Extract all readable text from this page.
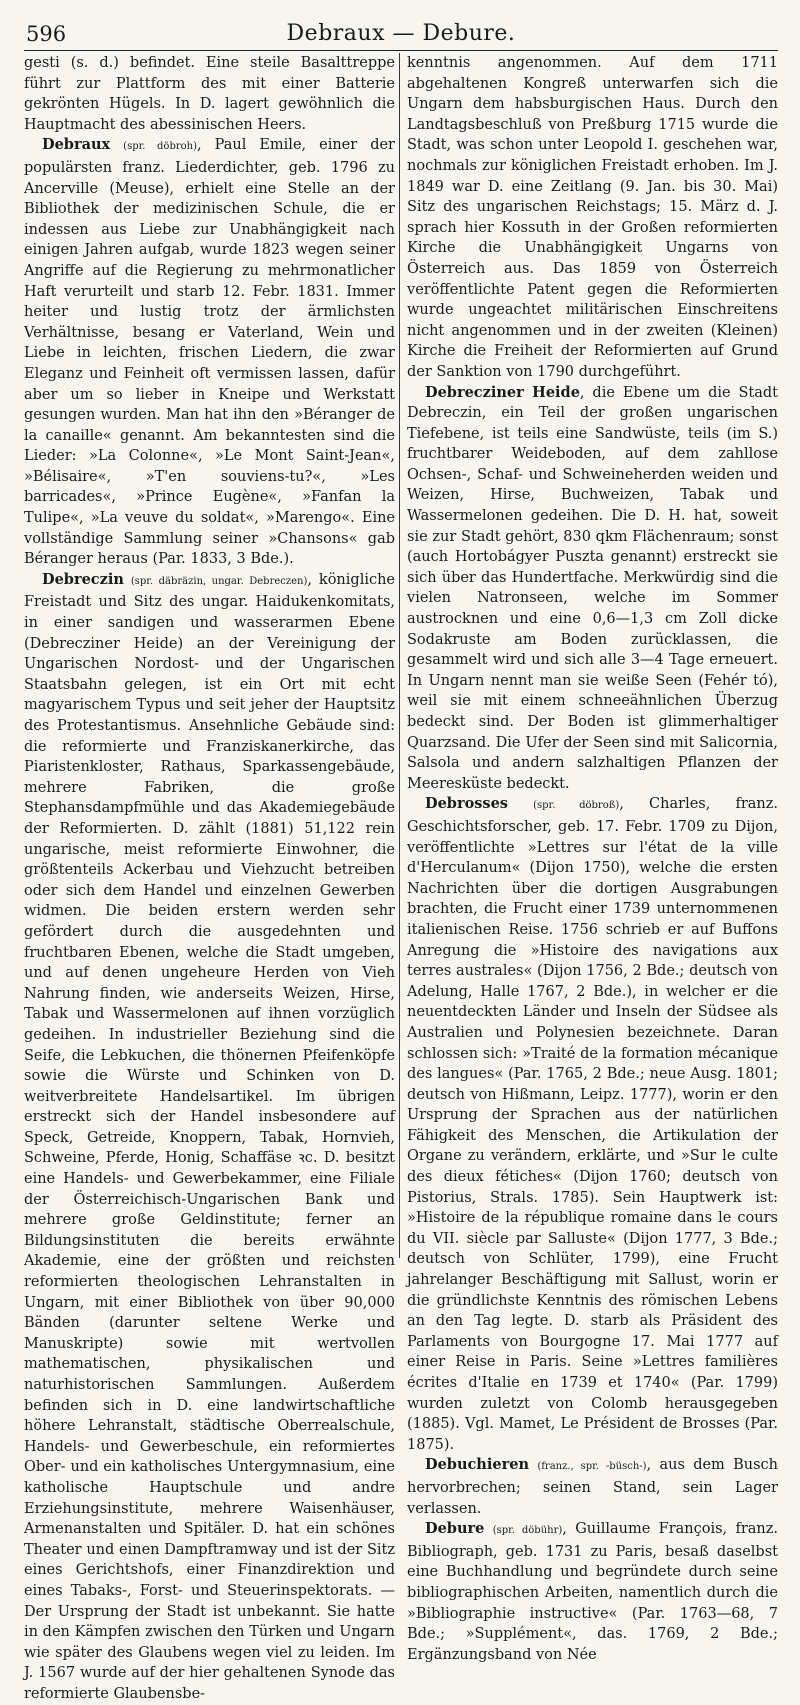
596	Debraux — Debure.

gesti (s. d.) befindet. Eine steile Basalttreppe führt zur Plattform des mit einer Batterie gekrönten Hügels. In D. lagert gewöhnlich die Hauptmacht des abessinischen Heers.

Debraux (spr. döbroh), Paul Emile, einer der populärsten franz. Liederdichter, geb. 1796 zu Ancerville (Meuse), erhielt eine Stelle an der Bibliothek der medizinischen Schule, die er indessen aus Liebe zur Unabhängigkeit nach einigen Jahren aufgab, wurde 1823 wegen seiner Angriffe auf die Regierung zu mehrmonatlicher Haft verurteilt und starb 12. Febr. 1831. Immer heiter und lustig trotz der ärmlichsten Verhältnisse, besang er Vaterland, Wein und Liebe in leichten, frischen Liedern, die zwar Eleganz und Feinheit oft vermissen lassen, dafür aber um so lieber in Kneipe und Werkstatt gesungen wurden. Man hat ihn den »Béranger de la canaille« genannt. Am bekanntesten sind die Lieder: »La Colonne«, »Le Mont Saint-Jean«, »Bélisaire«, »T'en souviens-tu?«, »Les barricades«, »Prince Eugène«, »Fanfan la Tulipe«, »La veuve du soldat«, »Marengo«. Eine vollständige Sammlung seiner »Chansons« gab Béranger heraus (Par. 1833, 3 Bde.).

Debreczin (spr. däbräzin, ungar. Debreczen), königliche Freistadt und Sitz des ungar. Haidukenkomitats, in einer sandigen und wasserarmen Ebene (Debrecziner Heide) an der Vereinigung der Ungarischen Nordost- und der Ungarischen Staatsbahn gelegen, ist ein Ort mit echt magyarischem Typus und seit jeher der Hauptsitz des Protestantismus. Ansehnliche Gebäude sind: die reformierte und Franziskanerkirche, das Piaristenkloster, Rathaus, Sparkassengebäude, mehrere Fabriken, die große Stephansdampfmühle und das Akademiegebäude der Reformierten. D. zählt (1881) 51,122 rein ungarische, meist reformierte Einwohner, die größtenteils Ackerbau und Viehzucht betreiben oder sich dem Handel und einzelnen Gewerben widmen. Die beiden erstern werden sehr gefördert durch die ausgedehnten und fruchtbaren Ebenen, welche die Stadt umgeben, und auf denen ungeheure Herden von Vieh Nahrung finden, wie anderseits Weizen, Hirse, Tabak und Wassermelonen auf ihnen vorzüglich gedeihen. In industrieller Beziehung sind die Seife, die Lebkuchen, die thönernen Pfeifenköpfe sowie die Würste und Schinken von D. weitverbreitete Handelsartikel. Im übrigen erstreckt sich der Handel insbesondere auf Speck, Getreide, Knoppern, Tabak, Hornvieh, Schweine, Pferde, Honig, Schaffäse ꝛc. D. besitzt eine Handels- und Gewerbekammer, eine Filiale der Österreichisch-Ungarischen Bank und mehrere große Geldinstitute; ferner an Bildungsinstituten die bereits erwähnte Akademie, eine der größten und reichsten reformierten theologischen Lehranstalten in Ungarn, mit einer Bibliothek von über 90,000 Bänden (darunter seltene Werke und Manuskripte) sowie mit wertvollen mathematischen, physikalischen und naturhistorischen Sammlungen. Außerdem befinden sich in D. eine landwirtschaftliche höhere Lehranstalt, städtische Oberrealschule, Handels- und Gewerbeschule, ein reformiertes Ober- und ein katholisches Untergymnasium, eine katholische Hauptschule und andre Erziehungsinstitute, mehrere Waisenhäuser, Armenanstalten und Spitäler. D. hat ein schönes Theater und einen Dampftramway und ist der Sitz eines Gerichtshofs, einer Finanzdirektion und eines Tabaks-, Forst- und Steuerinspektorats. — Der Ursprung der Stadt ist unbekannt. Sie hatte in den Kämpfen zwischen den Türken und Ungarn wie später des Glaubens wegen viel zu leiden. Im J. 1567 wurde auf der hier gehaltenen Synode das reformierte Glaubensbe-

kenntnis angenommen. Auf dem 1711 abgehaltenen Kongreß unterwarfen sich die Ungarn dem habsburgischen Haus. Durch den Landtagsbeschluß von Preßburg 1715 wurde die Stadt, was schon unter Leopold I. geschehen war, nochmals zur königlichen Freistadt erhoben. Im J. 1849 war D. eine Zeitlang (9. Jan. bis 30. Mai) Sitz des ungarischen Reichstags; 15. März d. J. sprach hier Kossuth in der Großen reformierten Kirche die Unabhängigkeit Ungarns von Österreich aus. Das 1859 von Österreich veröffentlichte Patent gegen die Reformierten wurde ungeachtet militärischen Einschreitens nicht angenommen und in der zweiten (Kleinen) Kirche die Freiheit der Reformierten auf Grund der Sanktion von 1790 durchgeführt.

Debrecziner Heide, die Ebene um die Stadt Debreczin, ein Teil der großen ungarischen Tiefebene, ist teils eine Sandwüste, teils (im S.) fruchtbarer Weideboden, auf dem zahllose Ochsen-, Schaf- und Schweineherden weiden und Weizen, Hirse, Buchweizen, Tabak und Wassermelonen gedeihen. Die D. H. hat, soweit sie zur Stadt gehört, 830 qkm Flächenraum; sonst (auch Hortobágyer Puszta genannt) erstreckt sie sich über das Hundertfache. Merkwürdig sind die vielen Natronseen, welche im Sommer austrocknen und eine 0,6—1,3 cm Zoll dicke Sodakruste am Boden zurücklassen, die gesammelt wird und sich alle 3—4 Tage erneuert. In Ungarn nennt man sie weiße Seen (Fehér tó), weil sie mit einem schneeähnlichen Überzug bedeckt sind. Der Boden ist glimmerhaltiger Quarzsand. Die Ufer der Seen sind mit Salicornia, Salsola und andern salzhaltigen Pflanzen der Meeresküste bedeckt.

Debrosses	(spr. döbroß), Charles, franz. Geschichtsforscher, geb. 17. Febr. 1709 zu Dijon, veröffentlichte »Lettres sur l'état de la ville d'Herculanum« (Dijon 1750), welche die ersten Nachrichten über die dortigen Ausgrabungen brachten, die Frucht einer 1739 unternommenen italienischen Reise. 1756 schrieb er auf Buffons Anregung die »Histoire des navigations aux terres australes« (Dijon 1756, 2 Bde.; deutsch von Adelung, Halle 1767, 2 Bde.), in welcher er die neuentdeckten Länder und Inseln der Südsee als Australien und Polynesien bezeichnete. Daran schlossen sich: »Traité de la formation mécanique des langues« (Par. 1765, 2 Bde.; neue Ausg. 1801; deutsch von Hißmann, Leipz. 1777), worin er den Ursprung der Sprachen aus der natürlichen Fähigkeit des Menschen, die Artikulation der Organe zu verändern, erklärte, und »Sur le culte des dieux fétiches« (Dijon 1760; deutsch von Pistorius, Strals. 1785). Sein Hauptwerk ist: »Histoire de la république romaine dans le cours du VII. siècle par Salluste« (Dijon 1777, 3 Bde.; deutsch von Schlüter, 1799), eine Frucht jahrelanger Beschäftigung mit Sallust, worin er die gründlichste Kenntnis des römischen Lebens an den Tag legte. D. starb als Präsident des Parlaments von Bourgogne 17. Mai 1777 auf einer Reise in Paris. Seine »Lettres familières écrites d'Italie en 1739 et 1740« (Par. 1799) wurden zuletzt von Colomb herausgegeben (1885). Vgl. Mamet, Le Président de Brosses (Par. 1875).

Debuchieren (franz., spr. -büsch-), aus dem Busch hervorbrechen; seinen Stand, sein Lager verlassen.

Debure (spr. döbühr), Guillaume François, franz. Bibliograph, geb. 1731 zu Paris, besaß daselbst eine Buchhandlung und begründete durch seine bibliographischen Arbeiten, namentlich durch die »Bibliographie instructive« (Par. 1763—68, 7 Bde.; »Supplément«, das. 1769, 2 Bde.; Ergänzungsband von Née
